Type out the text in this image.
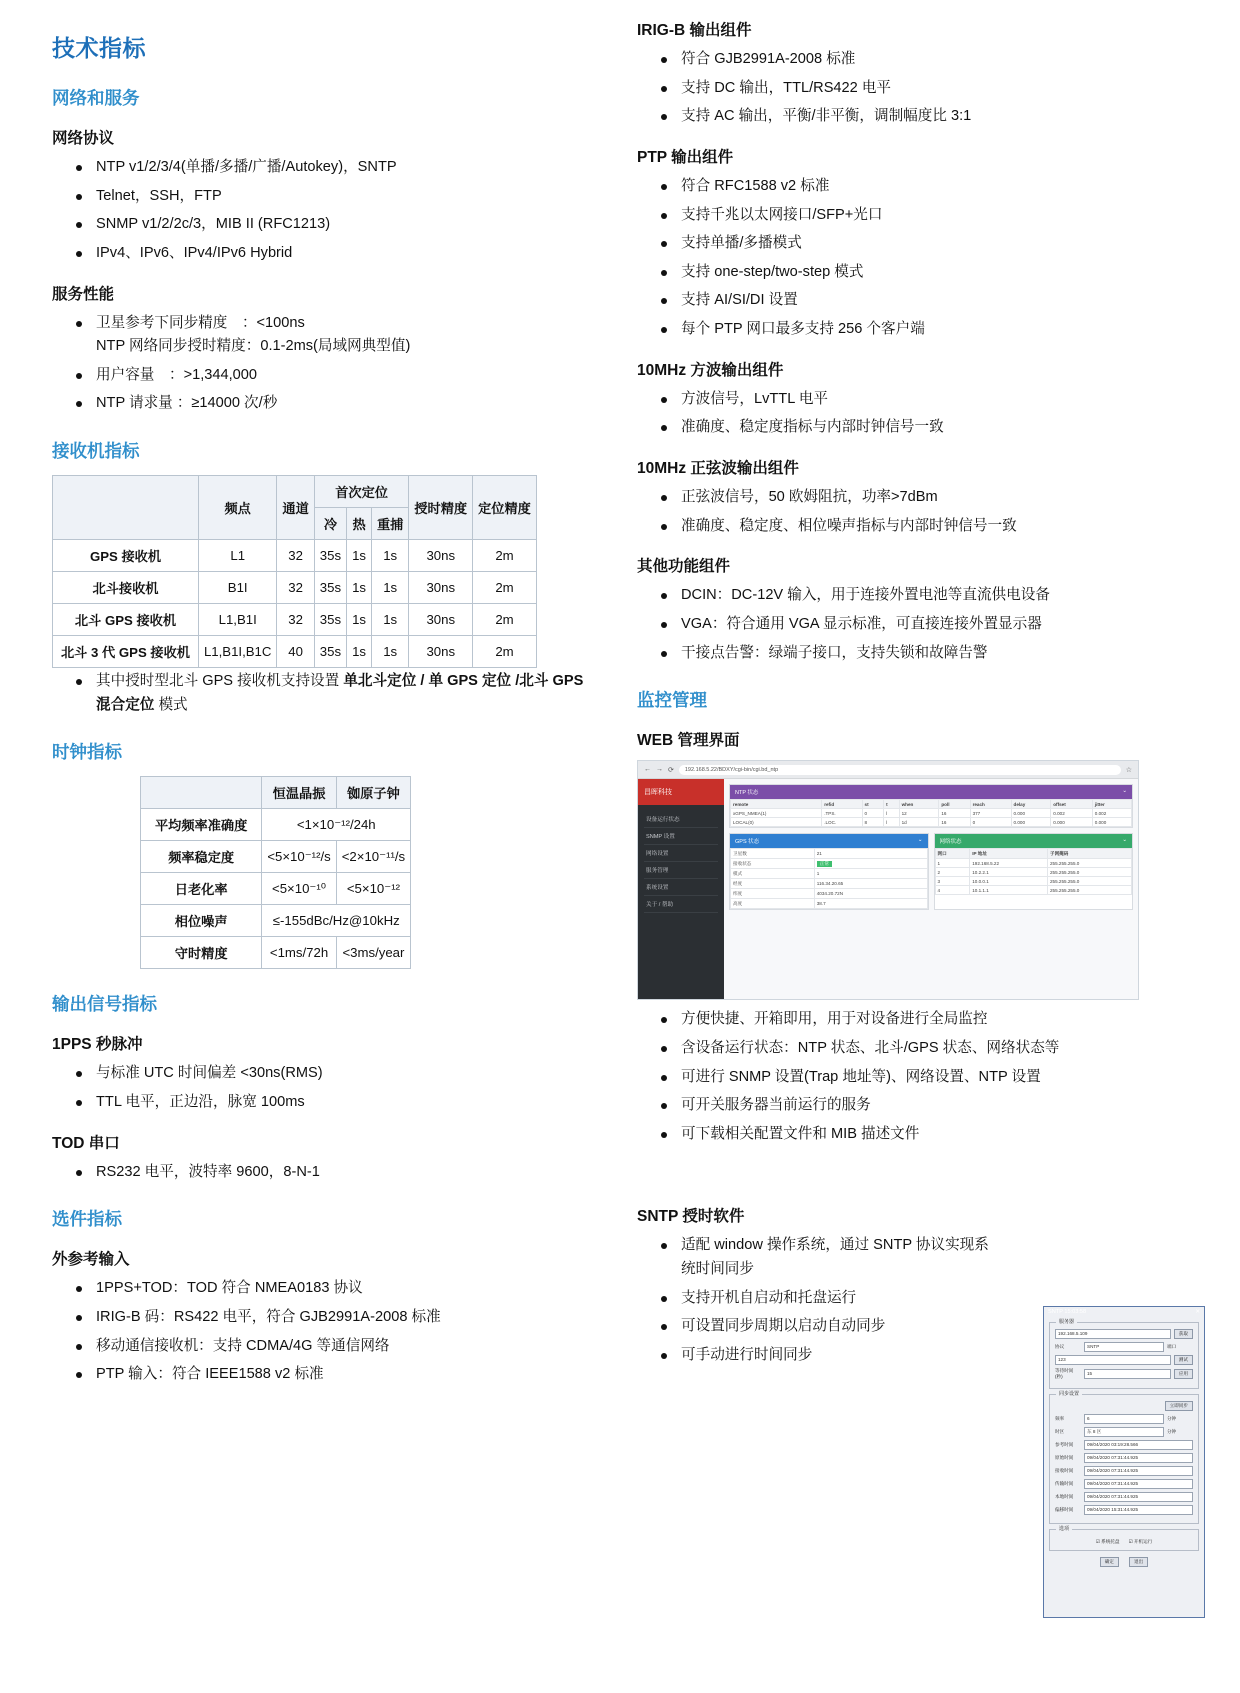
技术指标
网络和服务
网络协议
NTP v1/2/3/4(单播/多播/广播/Autokey)，SNTP
Telnet，SSH，FTP
SNMP v1/2/2c/3，MIB II (RFC1213)
IPv4、IPv6、IPv4/IPv6 Hybrid
服务性能
卫星参考下同步精度　：<100ns
NTP 网络同步授时精度：0.1-2ms(局域网典型值)
用户容量　：>1,344,000
NTP 请求量 ：≥14000 次/秒
接收机指标
	频点	通道	首次定位			授时精度	定位精度
			冷	热	重捕		
GPS 接收机	L1	32	35s	1s	1s	30ns	2m
北斗接收机	B1I	32	35s	1s	1s	30ns	2m
北斗 GPS 接收机	L1,B1I	32	35s	1s	1s	30ns	2m
北斗 3 代 GPS 接收机	L1,B1I,B1C	40	35s	1s	1s	30ns	2m
其中授时型北斗 GPS 接收机支持设置 单北斗定位 / 单 GPS 定位 /北斗 GPS 混合定位 模式
时钟指标
	恒温晶振	铷原子钟
平均频率准确度	<1×10⁻¹²/24h	
频率稳定度	<5×10⁻¹²/s	<2×10⁻¹¹/s
日老化率	<5×10⁻¹⁰	<5×10⁻¹²
相位噪声	≤-155dBc/Hz@10kHz	
守时精度	<1ms/72h	<3ms/year
输出信号指标
1PPS 秒脉冲
与标准 UTC 时间偏差 <30ns(RMS)
TTL 电平，正边沿，脉宽 100ms
TOD 串口
RS232 电平，波特率 9600，8-N-1
选件指标
外参考输入
1PPS+TOD：TOD 符合 NMEA0183 协议
IRIG-B 码：RS422 电平，符合 GJB2991A-2008 标准
移动通信接收机：支持 CDMA/4G 等通信网络
PTP 输入：符合 IEEE1588 v2 标准
IRIG-B 输出组件
符合 GJB2991A-2008 标准
支持 DC 输出，TTL/RS422 电平
支持 AC 输出，平衡/非平衡，调制幅度比 3:1
PTP 输出组件
符合 RFC1588 v2 标准
支持千兆以太网接口/SFP+光口
支持单播/多播模式
支持 one-step/two-step 模式
支持 AI/SI/DI 设置
每个 PTP 网口最多支持 256 个客户端
10MHz 方波输出组件
方波信号，LvTTL 电平
准确度、稳定度指标与内部时钟信号一致
10MHz 正弦波输出组件
正弦波信号，50 欧姆阻抗，功率>7dBm
准确度、稳定度、相位噪声指标与内部时钟信号一致
其他功能组件
DCIN：DC-12V 输入，用于连接外置电池等直流供电设备
VGA：符合通用 VGA 显示标准，可直接连接外置显示器
干接点告警：绿端子接口，支持失锁和故障告警
监控管理
WEB 管理界面
← → ⟳	192.168.5.22/BDXY/cgi-bin/cgi.bd_ntp	☆
昌晖科技
设备运行状态
SNMP 设置
网络设置
服务管理
系统设置
关于 / 帮助
NTP 状态	⌄
remote	refid	st	t	when	poll	reach	delay	offset	jitter
xGPS_NMEA(1)	.TPS.	0	l	12	16	377	0.000	0.002	0.002
LOCAL(0)	.LOC.	8	l	1d	16	0	0.000	0.000	0.000
GPS 状态	⌄
卫星数	21
接收状态	正常
模式	1
经度	116.34.20.65
纬度	4034.20.72N
高度	38.7
网络状态	⌄
网口	IP 地址	子网掩码
1	192.168.5.22	255.255.255.0
2	10.2.2.1	255.255.255.0
3	10.0.0.1	255.255.255.0
4	10.1.1.1	255.255.255.0
方便快捷、开箱即用，用于对设备进行全局监控
含设备运行状态：NTP 状态、北斗/GPS 状态、网络状态等
可进行 SNMP 设置(Trap 地址等)、网络设置、NTP 设置
可开关服务器当前运行的服务
可下载相关配置文件和 MIB 描述文件
SNTP 授时软件
适配 window 操作系统，通过 SNTP 协议实现系统时间同步
支持开机自启动和托盘运行
可设置同步周期以启动自动同步
可手动进行时间同步
SNTP 15:03:58	✕
服务器
192.168.5.109	获取
协议	SNTP	端口
123	测试
等待时间(秒)
15	应用
同步设置
立即同步
频率	6	分钟
时区	东 8 区	分钟
参考时间	09/04/2020 03:19:28.566
原始时间	09/04/2020 07:31:44.925
接收时间	09/04/2020 07:31:44.925
传输时间	09/04/2020 07:31:44.925
本地时间	09/04/2020 07:31:44.925
偏移时间	09/04/2020 15:31:44.925
选项
☑ 系统托盘 ☑ 开机运行
确定	退出
